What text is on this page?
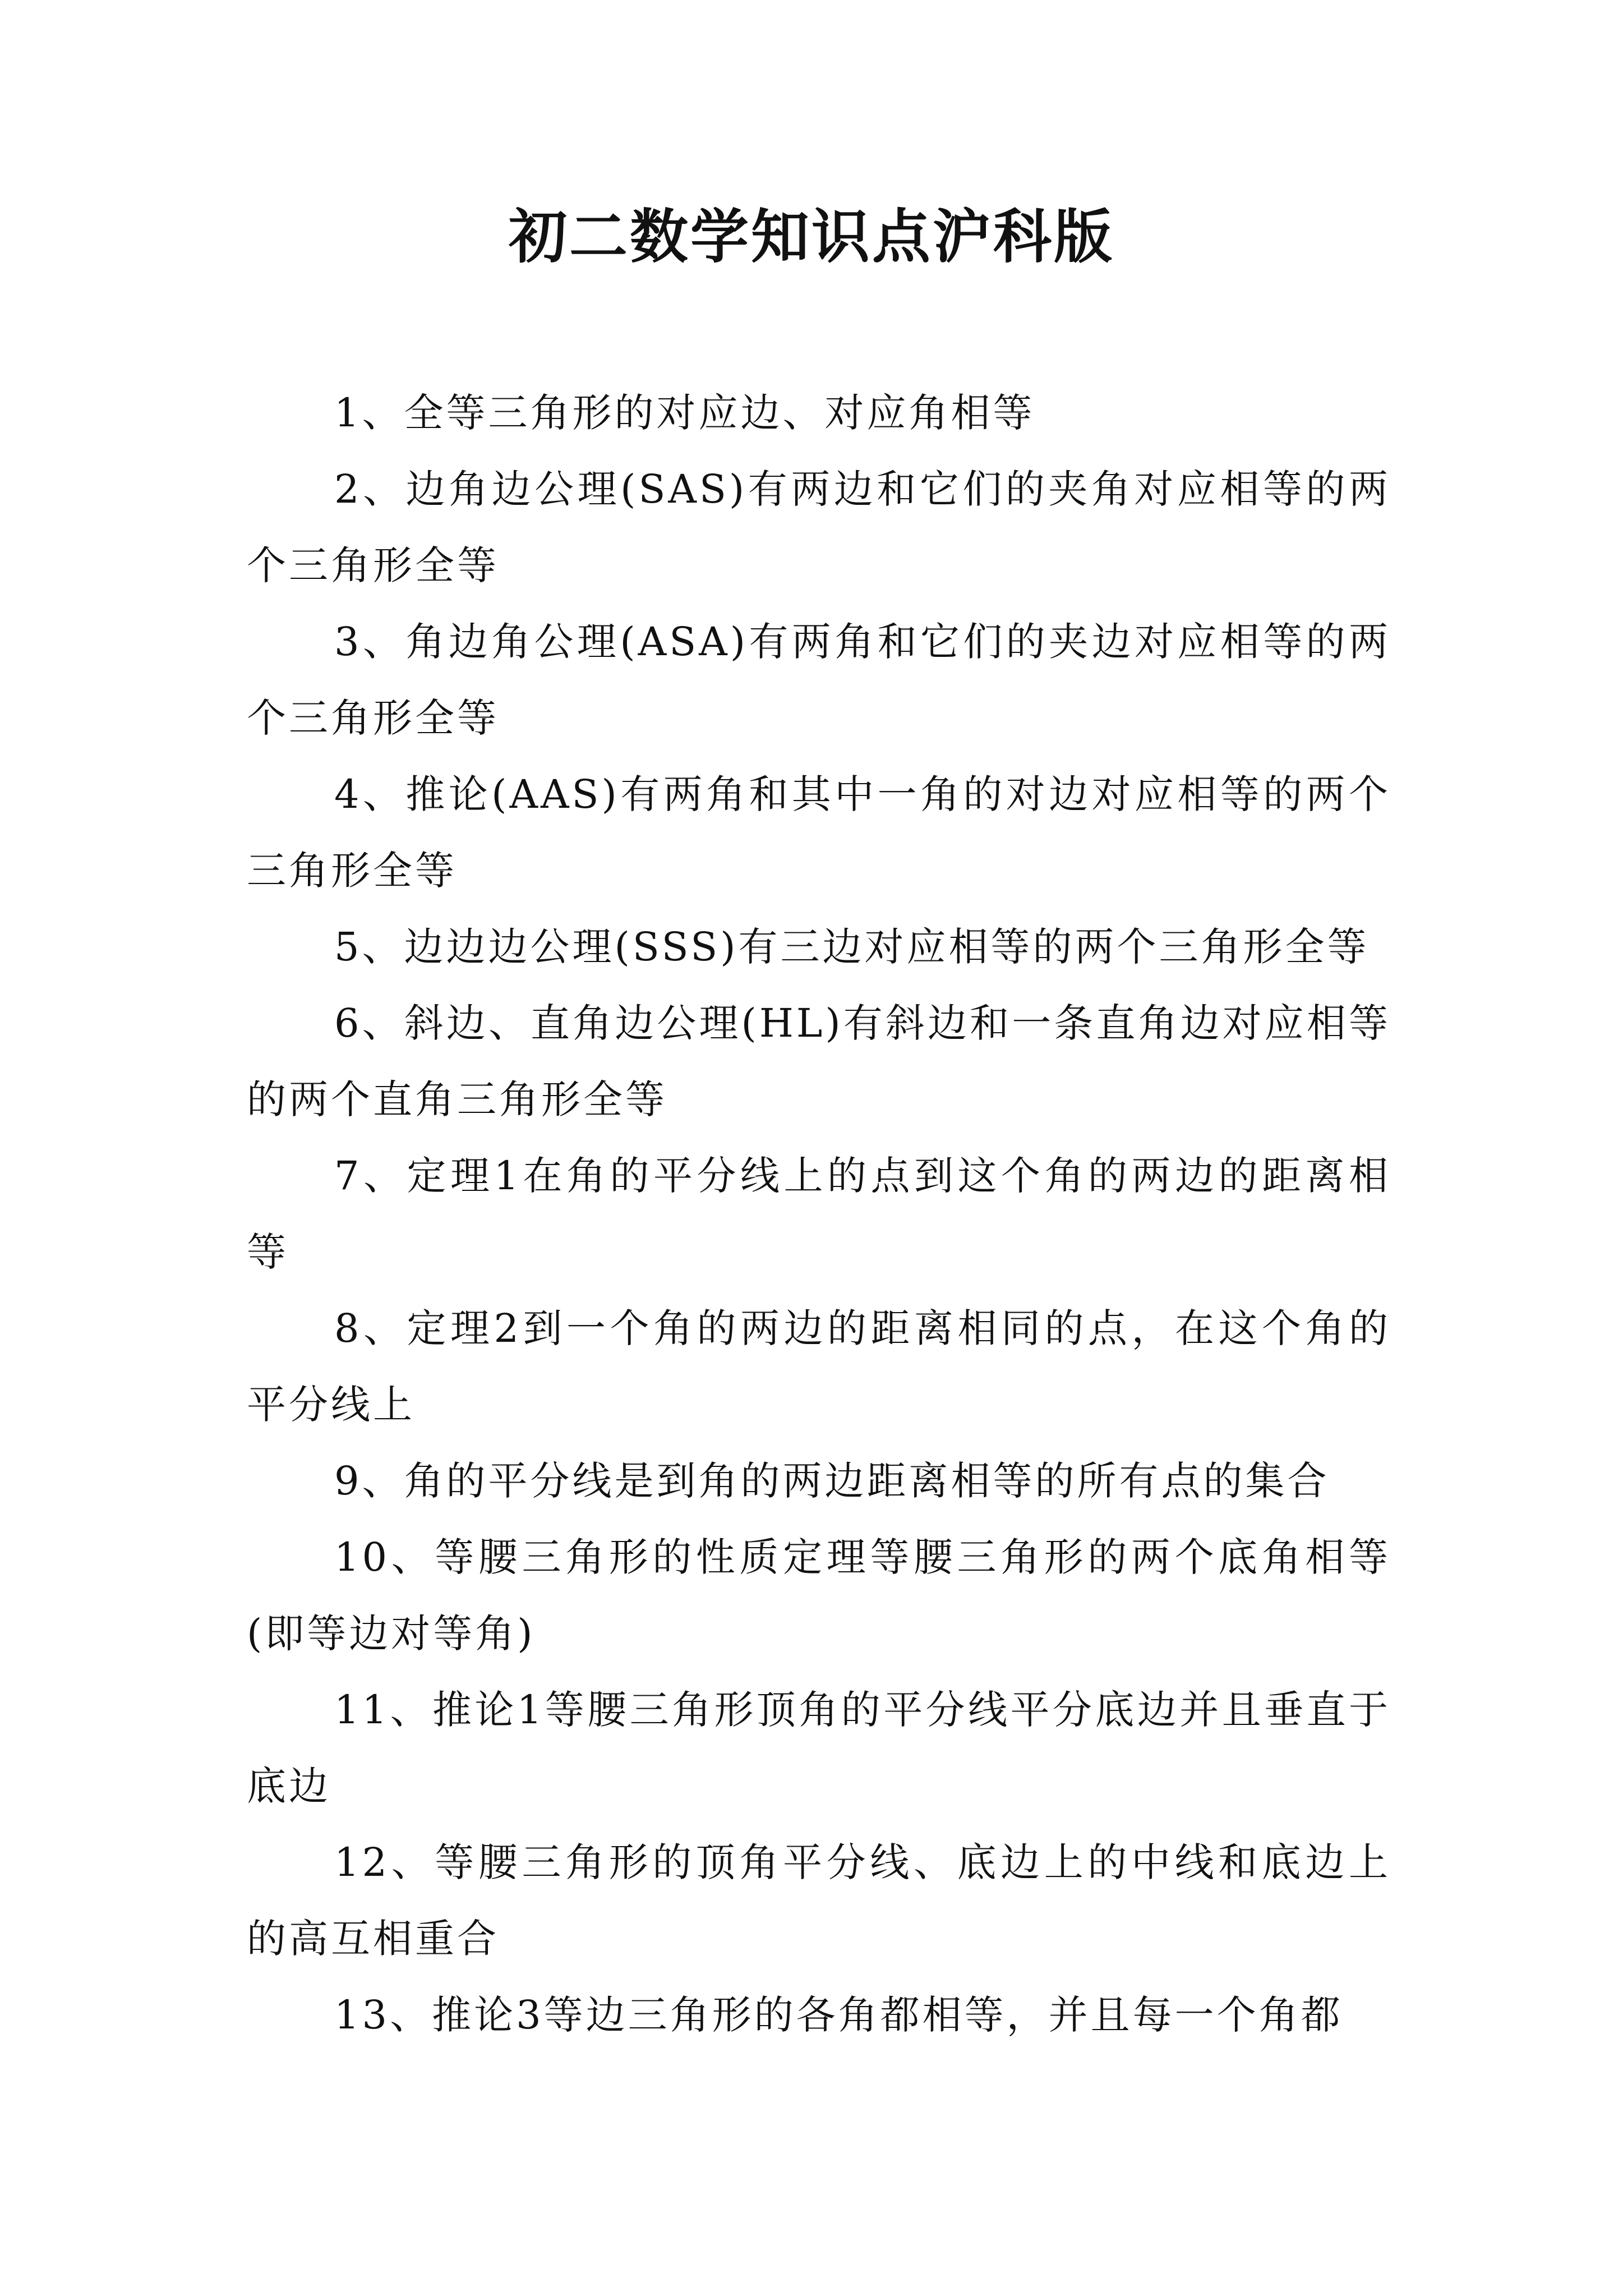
初二数学知识点沪科版

1、全等三角形的对应边、对应角相等

2、边角边公理(SAS)有两边和它们的夹角对应相等的两个三角形全等

3、角边角公理(ASA)有两角和它们的夹边对应相等的两个三角形全等

4、推论(AAS)有两角和其中一角的对边对应相等的两个三角形全等

5、边边边公理(SSS)有三边对应相等的两个三角形全等

6、斜边、直角边公理(HL)有斜边和一条直角边对应相等的两个直角三角形全等

7、定理1在角的平分线上的点到这个角的两边的距离相等

8、定理2到一个角的两边的距离相同的点，在这个角的平分线上

9、角的平分线是到角的两边距离相等的所有点的集合

10、等腰三角形的性质定理等腰三角形的两个底角相等(即等边对等角)

11、推论1等腰三角形顶角的平分线平分底边并且垂直于底边

12、等腰三角形的顶角平分线、底边上的中线和底边上的高互相重合

13、推论3等边三角形的各角都相等，并且每一个角都
